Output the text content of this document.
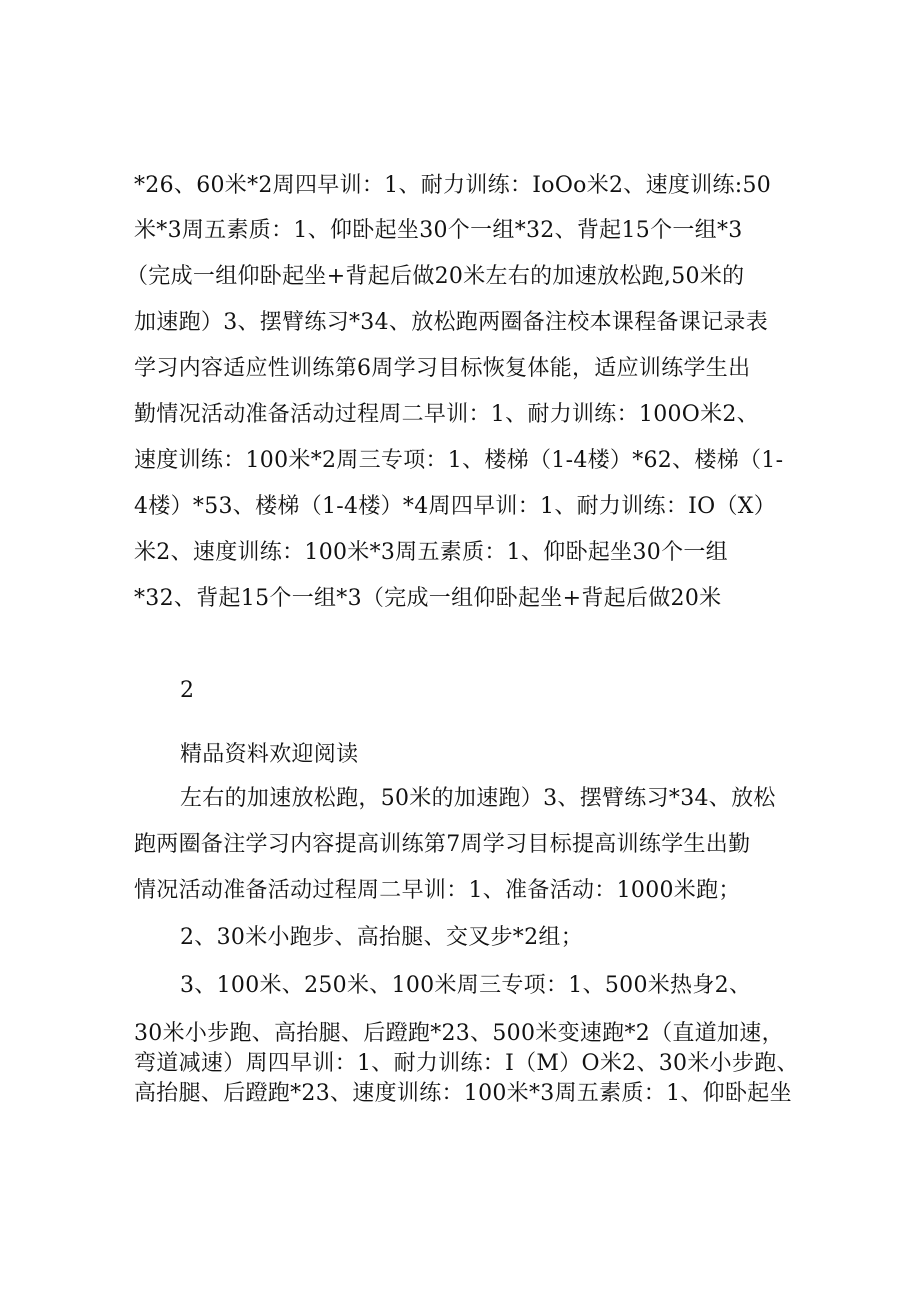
*26、60米*2周四早训：1、耐力训练：IoOo米2、速度训练:50
米*3周五素质：1、仰卧起坐30个一组*32、背起15个一组*3
（完成一组仰卧起坐+背起后做20米左右的加速放松跑,50米的
加速跑）3、摆臂练习*34、放松跑两圈备注校本课程备课记录表
学习内容适应性训练第6周学习目标恢复体能，适应训练学生出
勤情况活动准备活动过程周二早训：1、耐力训练：100O米2、
速度训练：100米*2周三专项：1、楼梯（1-4楼）*62、楼梯（1-
4楼）*53、楼梯（1-4楼）*4周四早训：1、耐力训练：IO（X）
米2、速度训练：100米*3周五素质：1、仰卧起坐30个一组
*32、背起15个一组*3（完成一组仰卧起坐+背起后做20米
2
精品资料欢迎阅读
左右的加速放松跑，50米的加速跑）3、摆臂练习*34、放松
跑两圈备注学习内容提高训练第7周学习目标提高训练学生出勤
情况活动准备活动过程周二早训：1、准备活动：1000米跑；
2、30米小跑步、高抬腿、交叉步*2组；
3、100米、250米、100米周三专项：1、500米热身2、
30米小步跑、高抬腿、后蹬跑*23、500米变速跑*2（直道加速，
弯道减速）周四早训：1、耐力训练：I（M）O米2、30米小步跑、
高抬腿、后蹬跑*23、速度训练：100米*3周五素质：1、仰卧起坐
